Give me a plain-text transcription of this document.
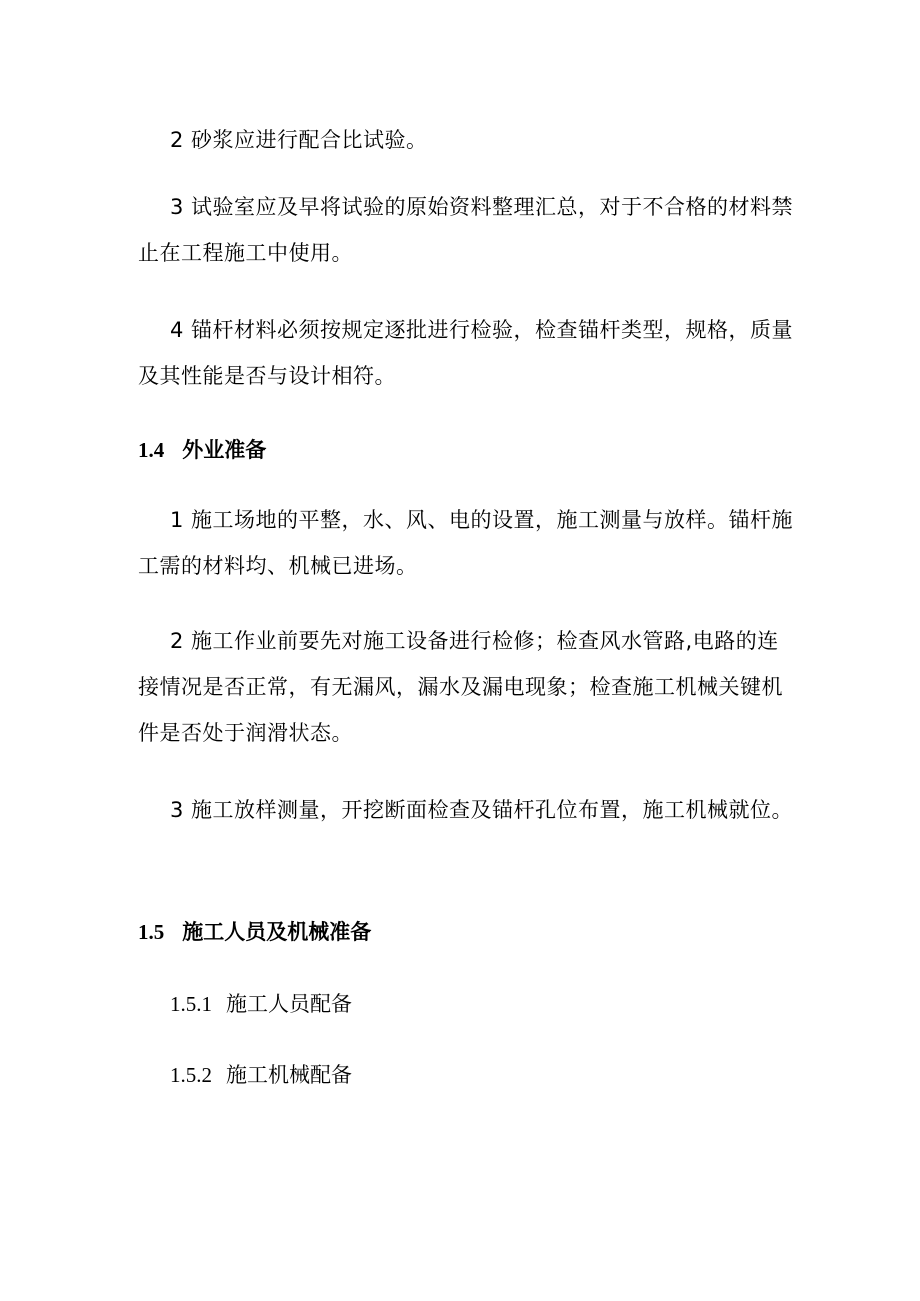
2 砂浆应进行配合比试验。

3 试验室应及早将试验的原始资料整理汇总，对于不合格的材料禁止在工程施工中使用。

4 锚杆材料必须按规定逐批进行检验，检查锚杆类型，规格，质量及其性能是否与设计相符。

1.4 外业准备

1 施工场地的平整，水、风、电的设置，施工测量与放样。锚杆施工需的材料均、机械已进场。

2 施工作业前要先对施工设备进行检修；检查风水管路,电路的连接情况是否正常，有无漏风，漏水及漏电现象；检查施工机械关键机件是否处于润滑状态。

3 施工放样测量，开挖断面检查及锚杆孔位布置，施工机械就位。

1.5 施工人员及机械准备
1.5.1 施工人员配备
1.5.2 施工机械配备
